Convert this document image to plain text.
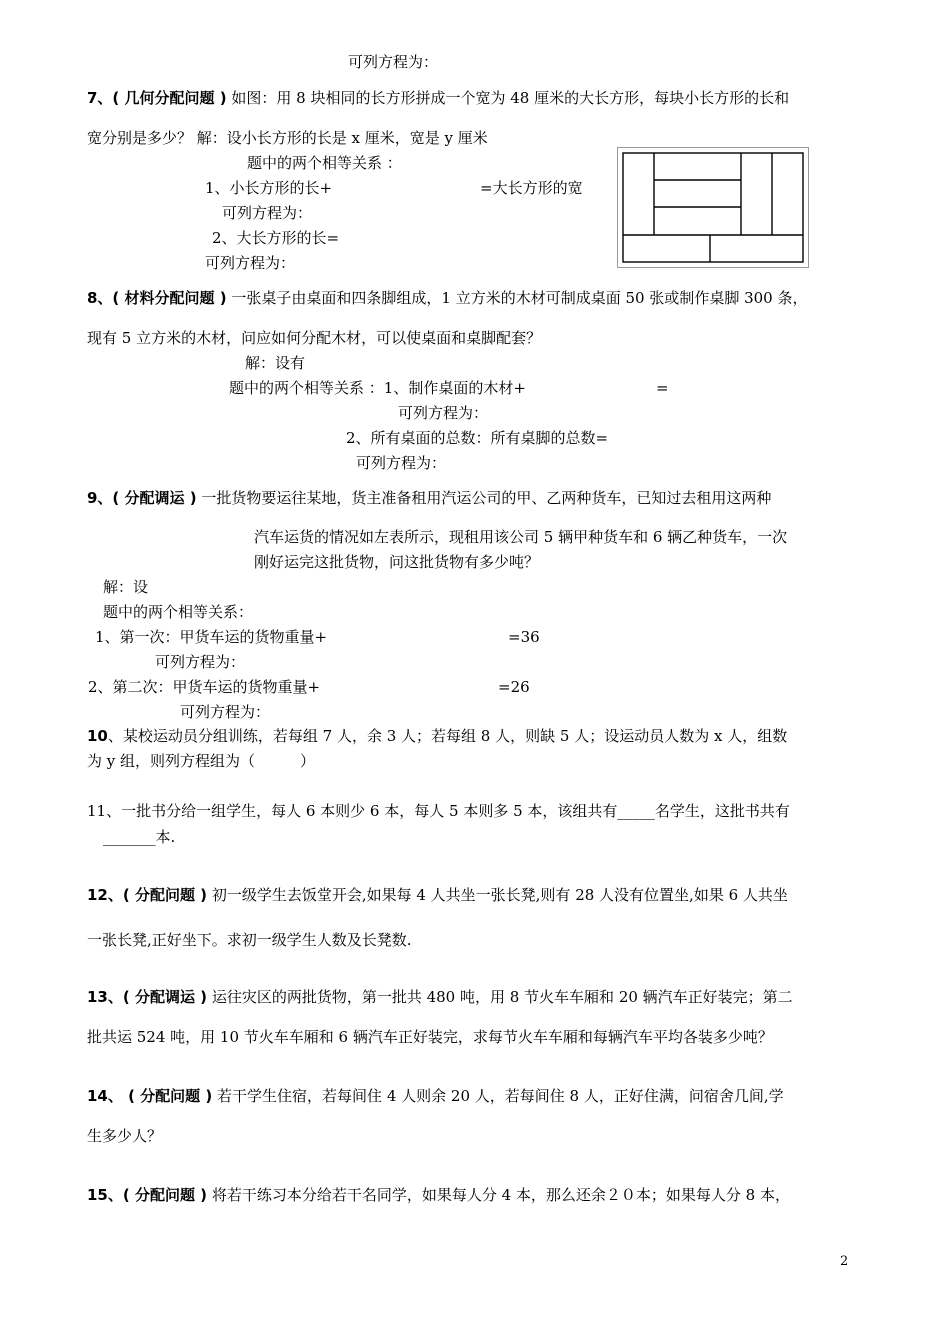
可列方程为：
7、( 几何分配问题 ) 如图：用 8 块相同的长方形拼成一个宽为 48 厘米的大长方形，每块小长方形的长和
宽分别是多少？ 解：设小长方形的长是 x 厘米，宽是 y 厘米
题中的两个相等关系 ：
1、小长方形的长+	=大长方形的宽
可列方程为：
2、大长方形的长=
可列方程为：
8、( 材料分配问题 ) 一张桌子由桌面和四条脚组成，1 立方米的木材可制成桌面 50 张或制作桌脚 300 条，
现有 5 立方米的木材，问应如何分配木材，可以使桌面和桌脚配套？
解：设有
题中的两个相等关系 ：1、制作桌面的木材+	=
可列方程为：
2、所有桌面的总数：所有桌脚的总数=
可列方程为：
9、( 分配调运 ) 一批货物要运往某地，货主准备租用汽运公司的甲、乙两种货车，已知过去租用这两种
汽车运货的情况如左表所示，现租用该公司 5 辆甲种货车和 6 辆乙种货车，一次
刚好运完这批货物，问这批货物有多少吨？
解：设
题中的两个相等关系：
1、第一次：甲货车运的货物重量+	=36
可列方程为：
2、第二次：甲货车运的货物重量+	=26
可列方程为：
10、某校运动员分组训练，若每组 7 人，余 3 人；若每组 8 人，则缺 5 人；设运动员人数为 x 人，组数
为 y 组，则列方程组为（　　　）
11、一批书分给一组学生，每人 6 本则少 6 本，每人 5 本则多 5 本，该组共有_____名学生，这批书共有
_______本.
12、( 分配问题 ) 初一级学生去饭堂开会,如果每 4 人共坐一张长凳,则有 28 人没有位置坐,如果 6 人共坐
一张长凳,正好坐下。求初一级学生人数及长凳数.
13、( 分配调运 ) 运往灾区的两批货物，第一批共 480 吨，用 8 节火车车厢和 20 辆汽车正好装完；第二
批共运 524 吨，用 10 节火车车厢和 6 辆汽车正好装完，求每节火车车厢和每辆汽车平均各装多少吨？
14、 ( 分配问题 ) 若干学生住宿，若每间住 4 人则余 20 人，若每间住 8 人，正好住满，问宿舍几间,学
生多少人？
15、( 分配问题 ) 将若干练习本分给若干名同学，如果每人分 4 本，那么还余２０本；如果每人分 8 本，
2
